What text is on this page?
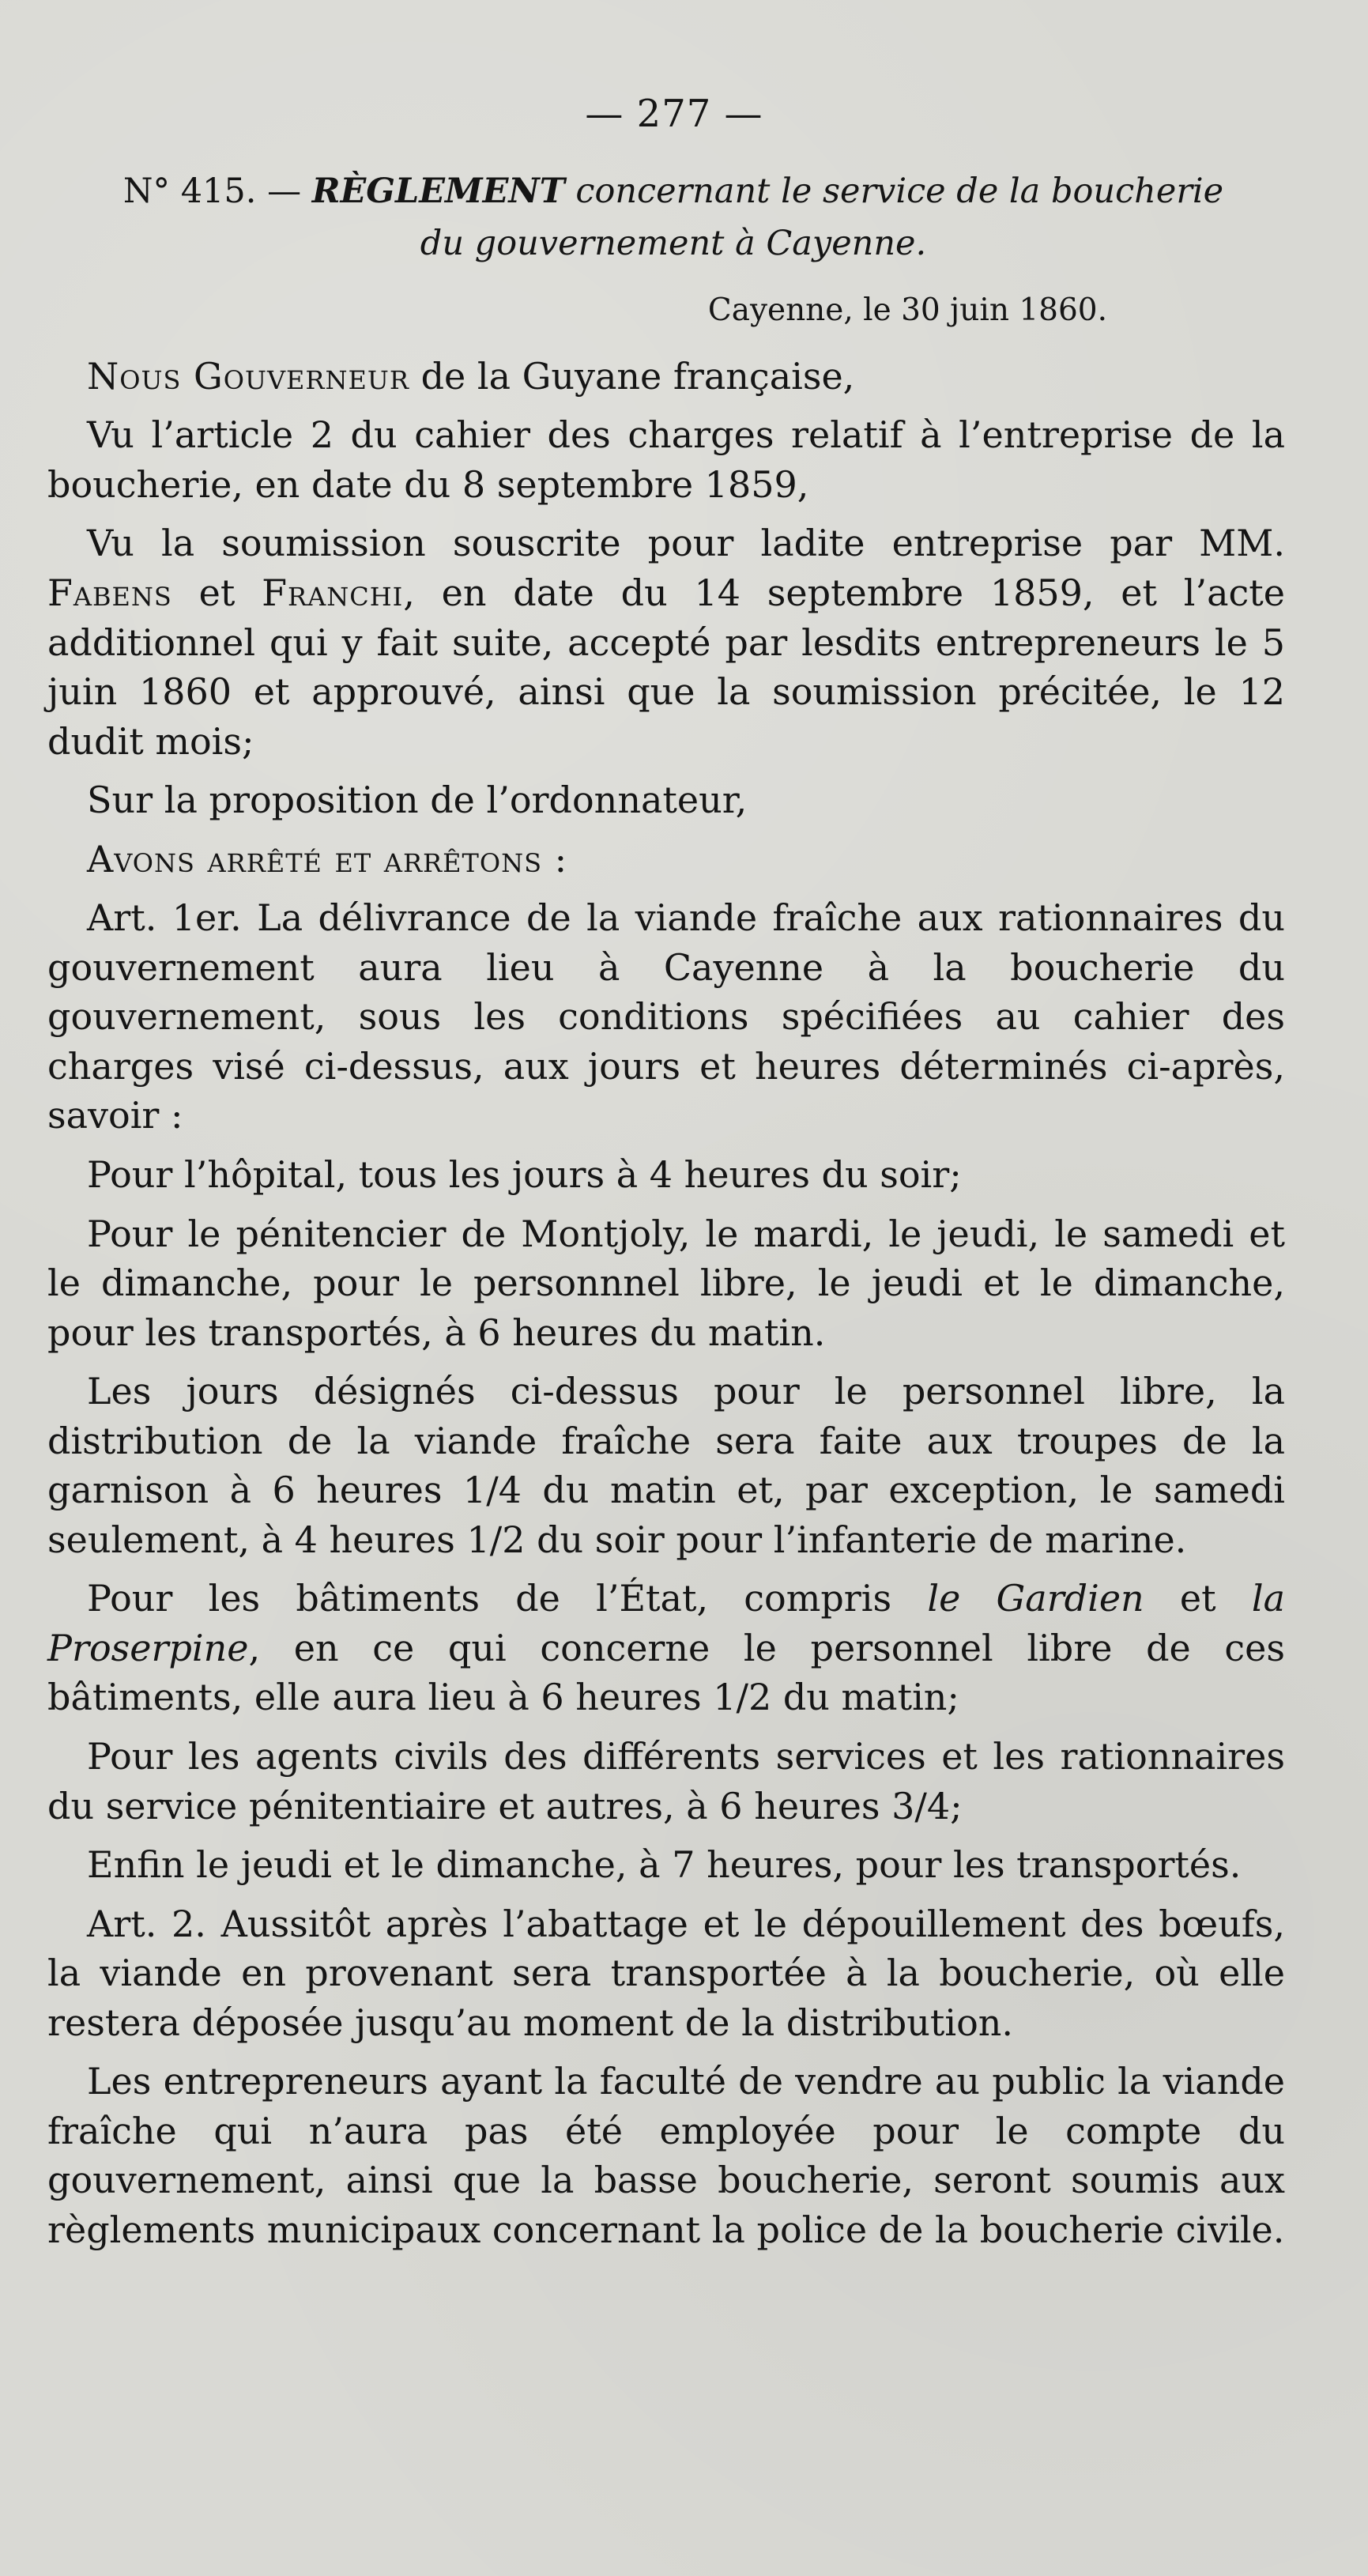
— 277 —
N° 415. — RÈGLEMENT concernant le service de la boucherie
du gouvernement à Cayenne.
Cayenne, le 30 juin 1860.

Nous Gouverneur de la Guyane française,

Vu l’article 2 du cahier des charges relatif à l’entreprise de la boucherie, en date du 8 septembre 1859,

Vu la soumission souscrite pour ladite entreprise par MM. Fabens et Franchi, en date du 14 septembre 1859, et l’acte additionnel qui y fait suite, accepté par lesdits entrepreneurs le 5 juin 1860 et approuvé, ainsi que la soumission précitée, le 12 dudit mois;

Sur la proposition de l’ordonnateur,

Avons arrêté et arrêtons :

Art. 1er. La délivrance de la viande fraîche aux rationnaires du gouvernement aura lieu à Cayenne à la boucherie du gouvernement, sous les conditions spécifiées au cahier des charges visé ci-dessus, aux jours et heures déterminés ci-après, savoir :

Pour l’hôpital, tous les jours à 4 heures du soir;

Pour le pénitencier de Montjoly, le mardi, le jeudi, le samedi et le dimanche, pour le personnnel libre, le jeudi et le dimanche, pour les transportés, à 6 heures du matin.

Les jours désignés ci-dessus pour le personnel libre, la distribution de la viande fraîche sera faite aux troupes de la garnison à 6 heures 1/4 du matin et, par exception, le samedi seulement, à 4 heures 1/2 du soir pour l’infanterie de marine.

Pour les bâtiments de l’État, compris le Gardien et la Proserpine, en ce qui concerne le personnel libre de ces bâtiments, elle aura lieu à 6 heures 1/2 du matin;

Pour les agents civils des différents services et les rationnaires du service pénitentiaire et autres, à 6 heures 3/4;

Enfin le jeudi et le dimanche, à 7 heures, pour les transportés.

Art. 2. Aussitôt après l’abattage et le dépouillement des bœufs, la viande en provenant sera transportée à la boucherie, où elle restera déposée jusqu’au moment de la distribution.

Les entrepreneurs ayant la faculté de vendre au public la viande fraîche qui n’aura pas été employée pour le compte du gouvernement, ainsi que la basse boucherie, seront soumis aux règlements municipaux concernant la police de la boucherie civile.
